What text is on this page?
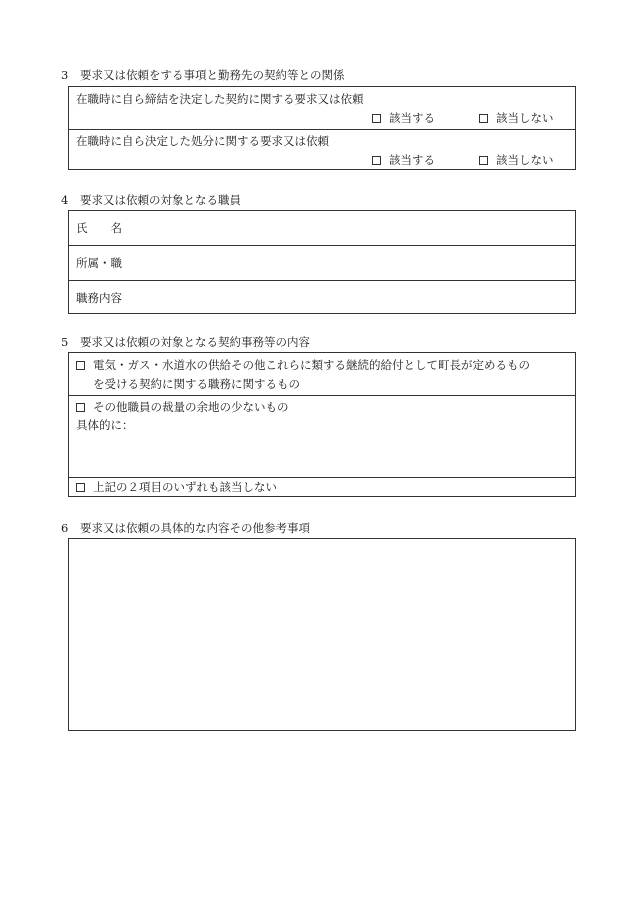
3 要求又は依頼をする事項と勤務先の契約等との関係
在職時に自ら締結を決定した契約に関する要求又は依頼
該当する	該当しない
在職時に自ら決定した処分に関する要求又は依頼
該当する	該当しない
4 要求又は依頼の対象となる職員
氏　　名
所属・職
職務内容
5 要求又は依頼の対象となる契約事務等の内容
電気・ガス・水道水の供給その他これらに類する継続的給付として町長が定めるもの
を受ける契約に関する職務に関するもの
その他職員の裁量の余地の少ないもの
具体的に：
上記の２項目のいずれも該当しない
6 要求又は依頼の具体的な内容その他参考事項
